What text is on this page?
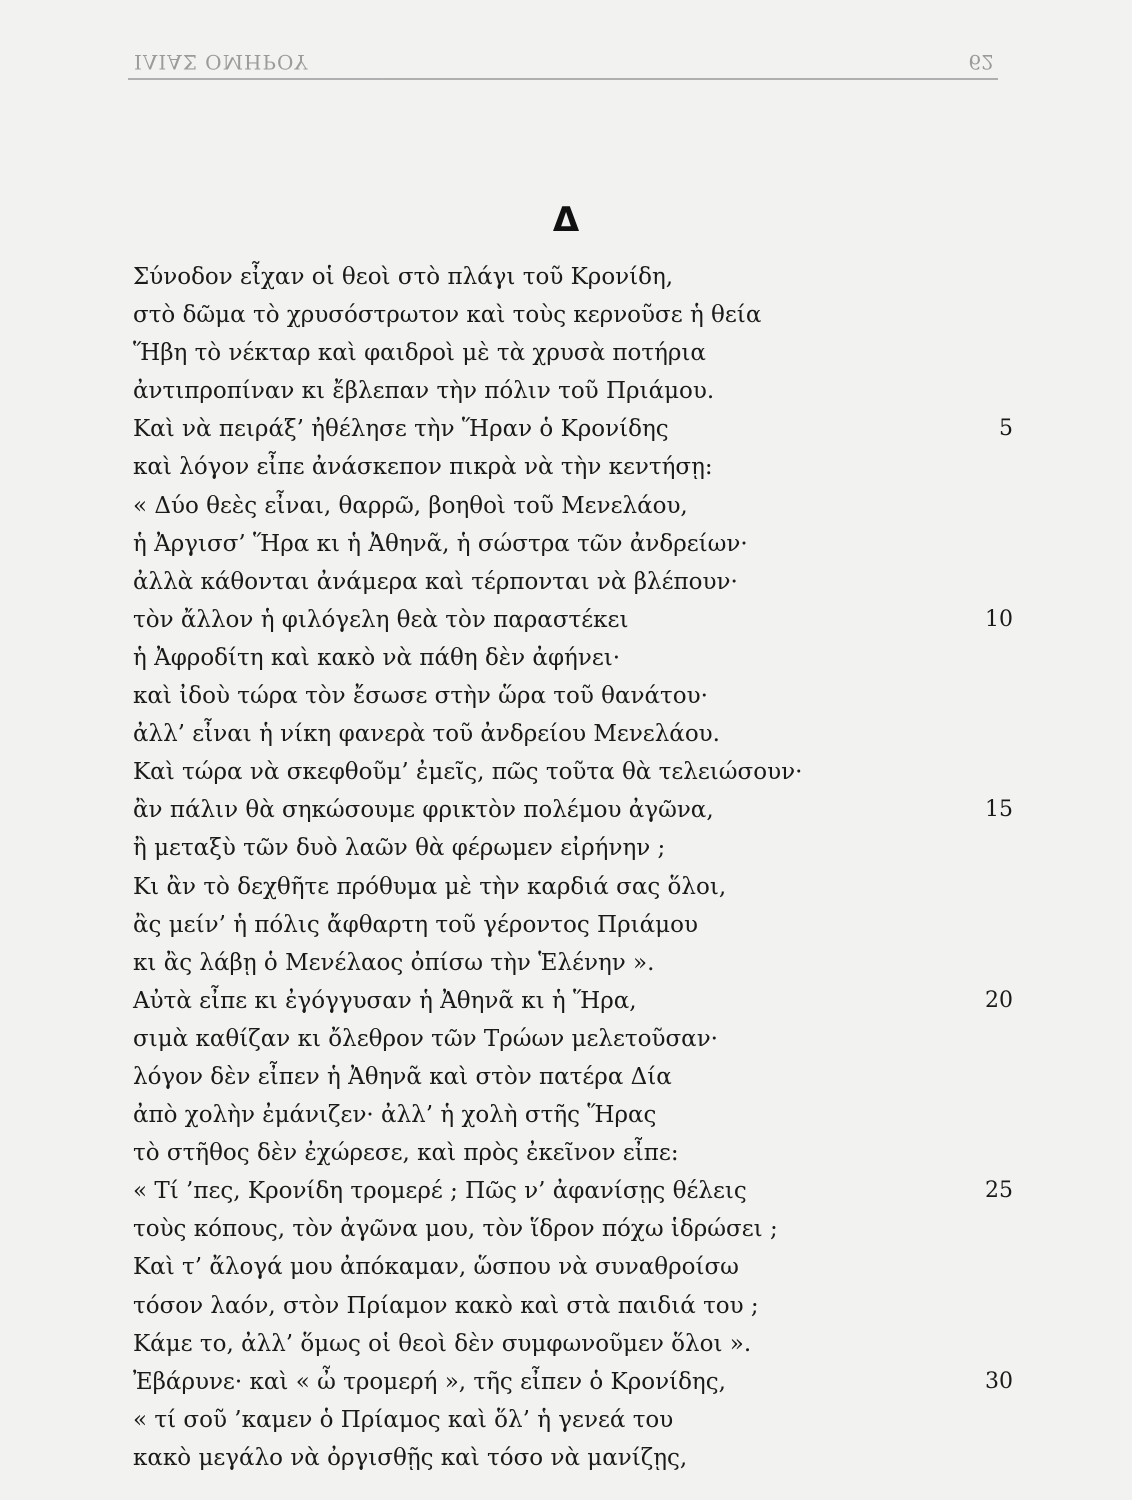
ΙΛΙΑΣ ΟΜΗΡΟΥ	62
Δ
Σύνοδον εἶχαν οἱ θεοὶ στὸ πλάγι τοῦ Κρονίδη,
στὸ δῶμα τὸ χρυσόστρωτον καὶ τοὺς κερνοῦσε ἡ θεία
Ἥβη τὸ νέκταρ καὶ φαιδροὶ μὲ τὰ χρυσὰ ποτήρια
ἀντιπροπίναν κι ἔβλεπαν τὴν πόλιν τοῦ Πριάμου.
Καὶ νὰ πειράξ’ ἠθέλησε τὴν Ἥραν ὁ Κρονίδης	5
καὶ λόγον εἶπε ἀνάσκεπον πικρὰ νὰ τὴν κεντήσῃ:
« Δύο θεὲς εἶναι, θαρρῶ, βοηθοὶ τοῦ Μενελάου,
ἡ Ἀργισσ’ Ἥρα κι ἡ Ἀθηνᾶ, ἡ σώστρα τῶν ἀνδρείων·
ἀλλὰ κάθονται ἀνάμερα καὶ τέρπονται νὰ βλέπουν·
τὸν ἄλλον ἡ φιλόγελη θεὰ τὸν παραστέκει	10
ἡ Ἀφροδίτη καὶ κακὸ νὰ πάθη δὲν ἀφήνει·
καὶ ἰδοὺ τώρα τὸν ἔσωσε στὴν ὥρα τοῦ θανάτου·
ἀλλ’ εἶναι ἡ νίκη φανερὰ τοῦ ἀνδρείου Μενελάου.
Καὶ τώρα νὰ σκεφθοῦμ’ ἐμεῖς, πῶς τοῦτα θὰ τελειώσουν·
ἂν πάλιν θὰ σηκώσουμε φρικτὸν πολέμου ἀγῶνα,	15
ἢ μεταξὺ τῶν δυὸ λαῶν θὰ φέρωμεν εἰρήνην ;
Κι ἂν τὸ δεχθῆτε πρόθυμα μὲ τὴν καρδιά σας ὅλοι,
ἂς μείν’ ἡ πόλις ἄφθαρτη τοῦ γέροντος Πριάμου
κι ἂς λάβῃ ὁ Μενέλαος ὀπίσω τὴν Ἑλένην ».
Αὐτὰ εἶπε κι ἐγόγγυσαν ἡ Ἀθηνᾶ κι ἡ Ἥρα,	20
σιμὰ καθίζαν κι ὄλεθρον τῶν Τρώων μελετοῦσαν·
λόγον δὲν εἶπεν ἡ Ἀθηνᾶ καὶ στὸν πατέρα Δία
ἀπὸ χολὴν ἐμάνιζεν· ἀλλ’ ἡ χολὴ στῆς Ἥρας
τὸ στῆθος δὲν ἐχώρεσε, καὶ πρὸς ἐκεῖνον εἶπε:
« Τί ’πες, Κρονίδη τρομερέ ; Πῶς ν’ ἀφανίσῃς θέλεις	25
τοὺς κόπους, τὸν ἀγῶνα μου, τὸν ἵδρον πόχω ἱδρώσει ;
Καὶ τ’ ἄλογά μου ἀπόκαμαν, ὥσπου νὰ συναθροίσω
τόσον λαόν, στὸν Πρίαμον κακὸ καὶ στὰ παιδιά του ;
Κάμε το, ἀλλ’ ὅμως οἱ θεοὶ δὲν συμφωνοῦμεν ὅλοι ».
Ἐβάρυνε· καὶ « ὦ τρομερή », τῆς εἶπεν ὁ Κρονίδης,	30
« τί σοῦ ’καμεν ὁ Πρίαμος καὶ ὅλ’ ἡ γενεά του
κακὸ μεγάλο νὰ ὀργισθῇς καὶ τόσο νὰ μανίζῃς,
